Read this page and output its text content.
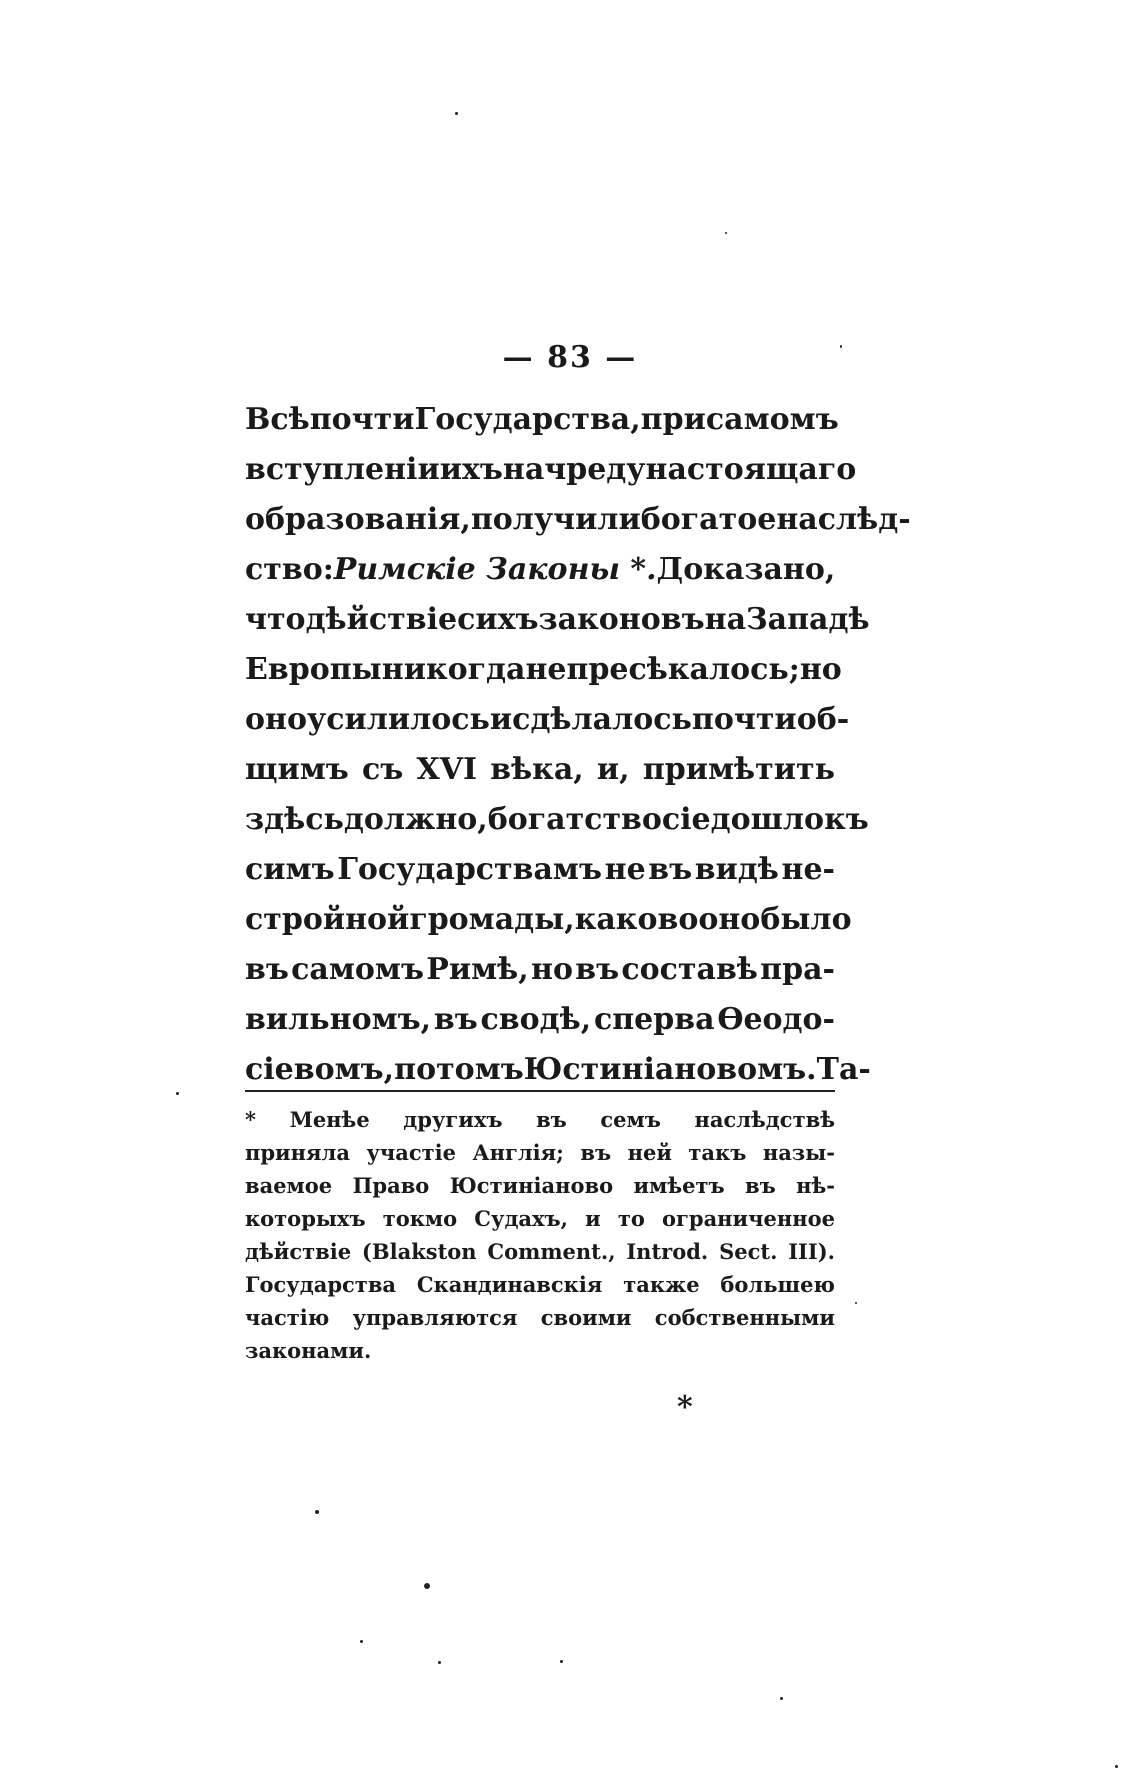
— 83 —
Всѣ почти Государства, при самомъ
вступленіи ихъ на чреду настоящаго
образованія, получили богатое наслѣд-
ство: Римскіе Законы *. Доказано,
что дѣйствіе сихъ законовъ на Западѣ
Европы никогда не пресѣкалось; но
оно усилилось и сдѣлалось почти об-
щимъ съ XVI вѣка, и, примѣтить
здѣсь должно, богатство сіе дошло къ
симъ Государствамъ не въ видѣ не-
стройной громады, каково оно было
въ самомъ Римѣ, но въ составѣ пра-
вильномъ, въ сводѣ, сперва Ѳеодо-
сіевомъ, потомъ Юстиніановомъ. Та-
* Менѣе другихъ въ семъ наслѣдствѣ
приняла участіе Англія; въ ней такъ назы-
ваемое Право Юстиніаново имѣетъ въ нѣ-
которыхъ токмо Судахъ, и то ограниченное
дѣйствіе (Blakston Comment., Introd. Sect. III).
Государства Скандинавскія также большею
частію управляются своими собственными
законами.
*
